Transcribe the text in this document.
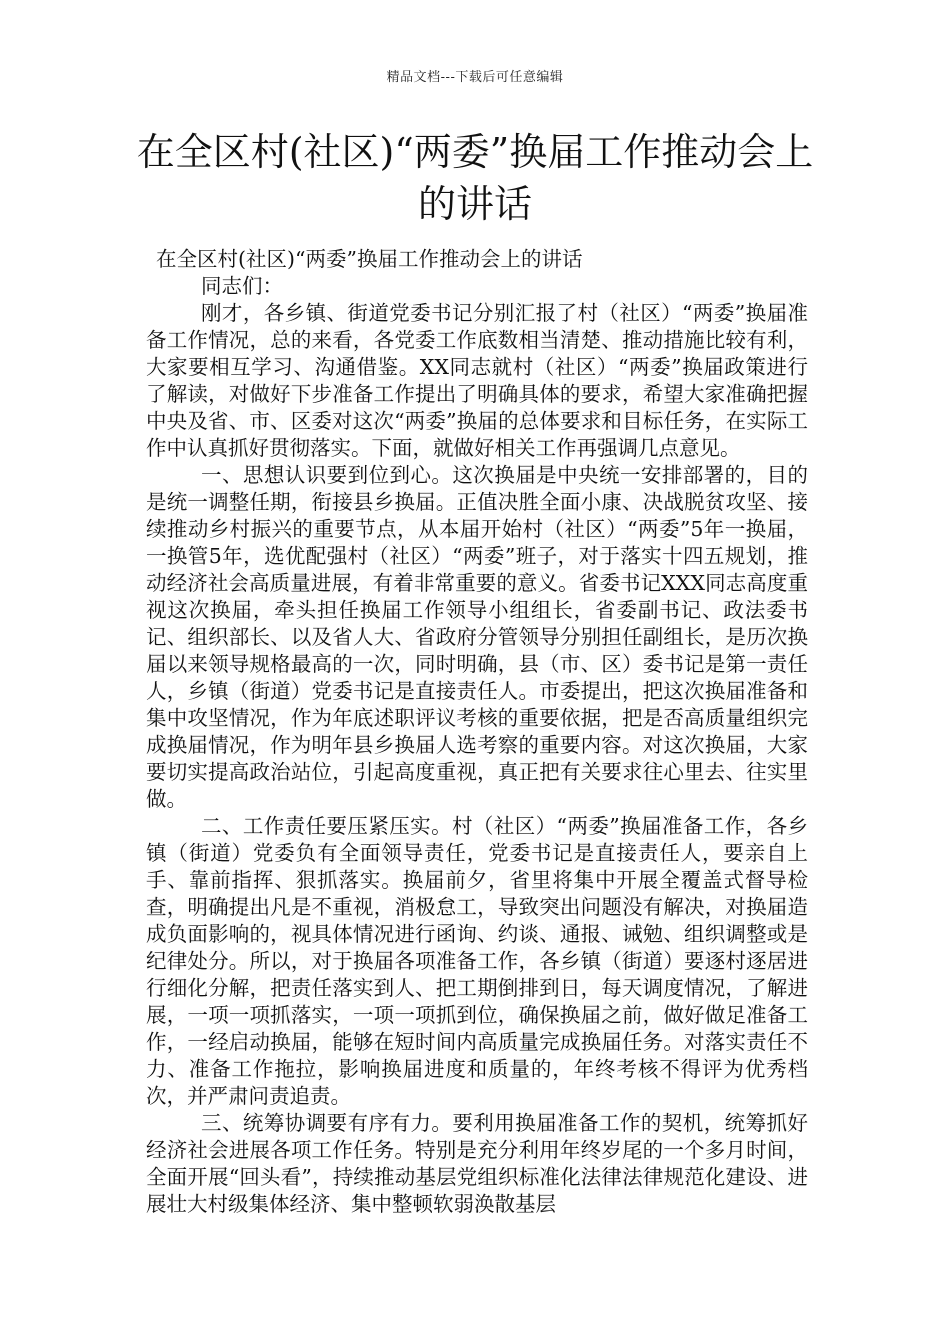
精品文档---下载后可任意编辑
在全区村(社区)“两委”换届工作推动会上的讲话

在全区村(社区)“两委”换届工作推动会上的讲话

同志们：

刚才，各乡镇、街道党委书记分别汇报了村（社区）“两委”换届准备工作情况，总的来看，各党委工作底数相当清楚、推动措施比较有利，大家要相互学习、沟通借鉴。XX同志就村（社区）“两委”换届政策进行了解读，对做好下步准备工作提出了明确具体的要求，希望大家准确把握中央及省、市、区委对这次“两委”换届的总体要求和目标任务，在实际工作中认真抓好贯彻落实。下面，就做好相关工作再强调几点意见。

一、思想认识要到位到心。这次换届是中央统一安排部署的，目的是统一调整任期，衔接县乡换届。正值决胜全面小康、决战脱贫攻坚、接续推动乡村振兴的重要节点，从本届开始村（社区）“两委”5年一换届，一换管5年，选优配强村（社区）“两委”班子，对于落实十四五规划，推动经济社会高质量进展，有着非常重要的意义。省委书记XXX同志高度重视这次换届，牵头担任换届工作领导小组组长，省委副书记、政法委书记、组织部长、以及省人大、省政府分管领导分别担任副组长，是历次换届以来领导规格最高的一次，同时明确，县（市、区）委书记是第一责任人，乡镇（街道）党委书记是直接责任人。市委提出，把这次换届准备和集中攻坚情况，作为年底述职评议考核的重要依据，把是否高质量组织完成换届情况，作为明年县乡换届人选考察的重要内容。对这次换届，大家要切实提高政治站位，引起高度重视，真正把有关要求往心里去、往实里做。

二、工作责任要压紧压实。村（社区）“两委”换届准备工作，各乡镇（街道）党委负有全面领导责任，党委书记是直接责任人，要亲自上手、靠前指挥、狠抓落实。换届前夕，省里将集中开展全覆盖式督导检查，明确提出凡是不重视，消极怠工，导致突出问题没有解决，对换届造成负面影响的，视具体情况进行函询、约谈、通报、诫勉、组织调整或是纪律处分。所以，对于换届各项准备工作，各乡镇（街道）要逐村逐居进行细化分解，把责任落实到人、把工期倒排到日，每天调度情况，了解进展，一项一项抓落实，一项一项抓到位，确保换届之前，做好做足准备工作，一经启动换届，能够在短时间内高质量完成换届任务。对落实责任不力、准备工作拖拉，影响换届进度和质量的，年终考核不得评为优秀档次，并严肃问责追责。

三、统筹协调要有序有力。要利用换届准备工作的契机，统筹抓好经济社会进展各项工作任务。特别是充分利用年终岁尾的一个多月时间，全面开展“回头看”，持续推动基层党组织标准化法律法律规范化建设、进展壮大村级集体经济、集中整顿软弱涣散基层
